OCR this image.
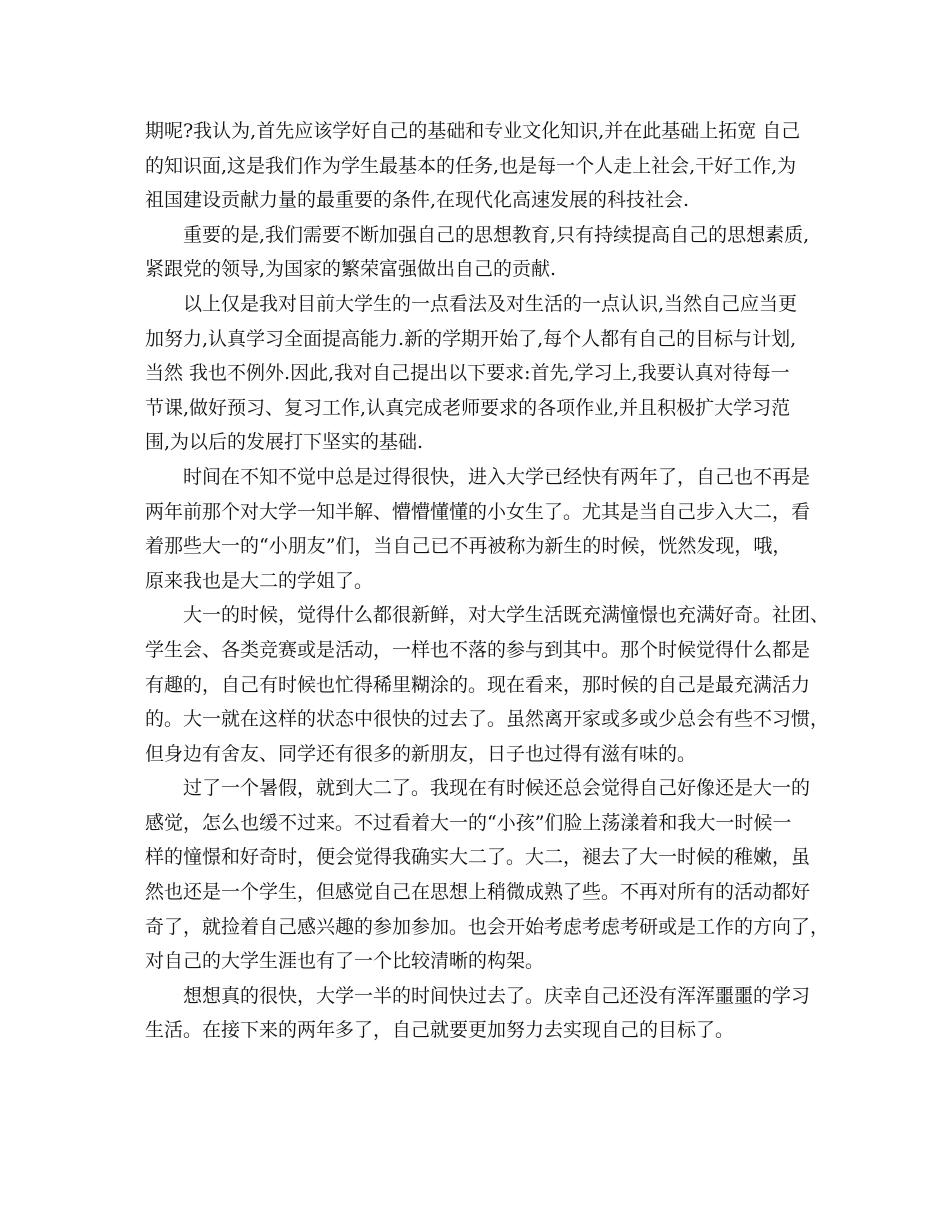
期呢?我认为,首先应该学好自己的基础和专业文化知识,并在此基础上拓宽 自己
的知识面,这是我们作为学生最基本的任务,也是每一个人走上社会,干好工作,为
祖国建设贡献力量的最重要的条件,在现代化高速发展的科技社会.
重要的是,我们需要不断加强自己的思想教育,只有持续提高自己的思想素质,
紧跟党的领导,为国家的繁荣富强做出自己的贡献.
以上仅是我对目前大学生的一点看法及对生活的一点认识,当然自己应当更
加努力,认真学习全面提高能力.新的学期开始了,每个人都有自己的目标与计划,
当然 我也不例外.因此,我对自己提出以下要求:首先,学习上,我要认真对待每一
节课,做好预习、复习工作,认真完成老师要求的各项作业,并且积极扩大学习范
围,为以后的发展打下坚实的基础.
时间在不知不觉中总是过得很快，进入大学已经快有两年了，自己也不再是
两年前那个对大学一知半解、懵懵懂懂的小女生了。尤其是当自己步入大二，看
着那些大一的“小朋友”们，当自己已不再被称为新生的时候，恍然发现，哦，
原来我也是大二的学姐了。
大一的时候，觉得什么都很新鲜，对大学生活既充满憧憬也充满好奇。社团、
学生会、各类竞赛或是活动，一样也不落的参与到其中。那个时候觉得什么都是
有趣的，自己有时候也忙得稀里糊涂的。现在看来，那时候的自己是最充满活力
的。大一就在这样的状态中很快的过去了。虽然离开家或多或少总会有些不习惯，
但身边有舍友、同学还有很多的新朋友，日子也过得有滋有味的。
过了一个暑假，就到大二了。我现在有时候还总会觉得自己好像还是大一的
感觉，怎么也缓不过来。不过看着大一的“小孩”们脸上荡漾着和我大一时候一
样的憧憬和好奇时，便会觉得我确实大二了。大二，褪去了大一时候的稚嫩，虽
然也还是一个学生，但感觉自己在思想上稍微成熟了些。不再对所有的活动都好
奇了，就捡着自己感兴趣的参加参加。也会开始考虑考虑考研或是工作的方向了，
对自己的大学生涯也有了一个比较清晰的构架。
想想真的很快，大学一半的时间快过去了。庆幸自己还没有浑浑噩噩的学习
生活。在接下来的两年多了，自己就要更加努力去实现自己的目标了。
